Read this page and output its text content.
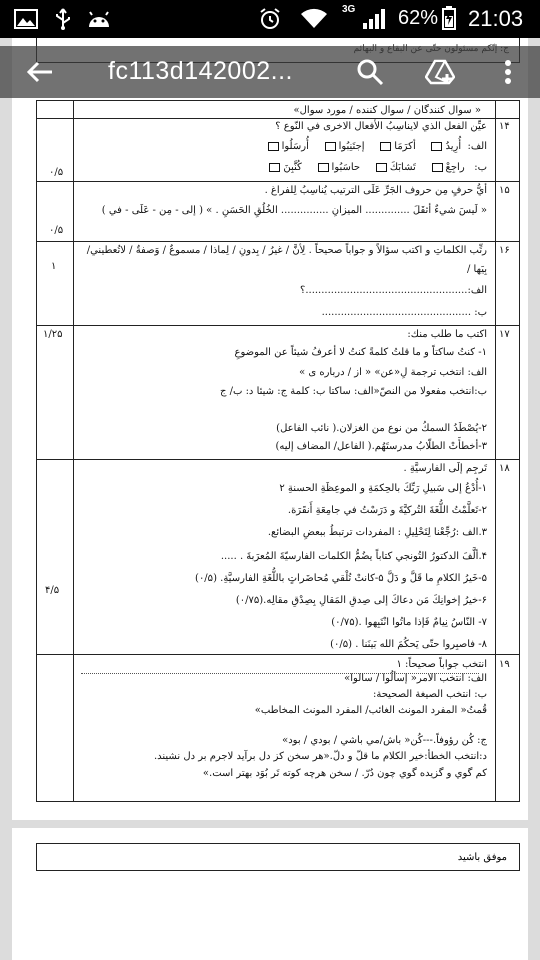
3G 62% 21:03
« سوال کنندگان / سوال کننده / مورد سوال»
۱۴
عيِّن الفعل الذي لايناسِبُ الأفعال الاخرى في النّوع ؟
الف:  أُرِيدُ    أكرَمَا    إجتَنِبُوا    أُرسَلُوا
ب:   راجِعْ    تَشابَكَ    حاسَبُوا    كُنَّبِنَ
۰/۵
۱۵
أيُّ حرفٍ مِن حروف الجَرِّ عَلَى الترتيب يُناسِبُ لِلفراغ .
« لَيسَ شيءٌ أثقَلَ .............. الميزانِ ............... الخُلُقِ الحَسَنِ . » ( إلى - مِن - عَلَى - في )
۰/۵
۱۶
رتِّب الكلماتِ و اكتب سؤالاً و جواباً صحيحاً . لِأنَّ / غيرُ / بِدونِ / لِماذا / مسموعٌ / وَصفةٌ / لاتُعطيني/
بِيَها /
الف:...................................................؟
ب: ...............................................
۱
۱۷
۱/۲۵	اکتب ما طلب منك:
۱- كنتُ ساكتاً و ما قلتُ كلمةً كنتُ لا أعرفُ شيئاً عن الموضوعِ
الف: انتخب ترجمة لِ«عن» « از / درباره ی »
ب:انتخب مفعولا من النصّ«الف: ساكتا ب: كلمة ج: شيئا د: ب/ ج
۲-يُصْطَدُ السمكُ من نوع من الغزلان.( نائب الفاعل)
۳-أخطأَتْ الطلّابُ مدرستَهُم.( الفاعل/ المضاف إليه)
۱۸
۴/۵
تَرجِم إلَى الفارسيَّةِ .
۱-أُدْعُ إلى سَبيلِ رَبِّكَ بالحِكمَةِ و الموعِظَةِ الحسنةِ ۲
۲-تَعلَّمْتُ اللُّغَةَ التُركيَّةَ و دَرَسْتُ في جامِعَةِ أَنقَرَة.
۳.الف :رُجِّعْنا لِتَحْلِيلِ : المفردات ترتبطُ ببعضِ البضائع.
۴.ألَّفَ الدكتورُ التُونجي كتاباً يضُمُّ الكلمات الفارسيّةَ المُعرَبةَ . .....
۵-خَيرُ الكلامِ ما قَلَّ و دَلَّ ۵-كانتْ تُلْقي مُحاضَراتٍ باللُّغَةِ الفارسيَّةِ. (۰/۵)
۶-خيرُ إخوانِكَ مَن دعاكَ إلى صِدقِ المَقالِ بِصِدْقِ مقالِه.(۰/۷۵)
۷- النّاسُ نِيامٌ فَإذا ماتُوا انْتَبِهوا .(۰/۷۵)
۸- فاصبِروا حتّى يَحكُمَ الله بَينَنا . (۰/۵)
۱۹
انتخب جواباً صحيحاً: ۱
الف: انتخب الامر« إسألُوا / سالوا»
ب: انتخب الصيغة الصحيحة:
قُمتُ« المفرد المونث الغائب/ المفرد المونث المخاطب»
ج: كُن رؤوفاً.---كُن« باش/مي باشي / بودي / بود»
د:انتخب الخطأ:خير الكلام ما قلّ و دلّ.«هر سخن كز دل برآيد لاجرم بر دل نشيند.
كم گوي و گزيده گوي چون دُرّ. / سخن هرچه كوته تَر بُوَد بهتر است.»
موفق باشيد
fc113d142002...
